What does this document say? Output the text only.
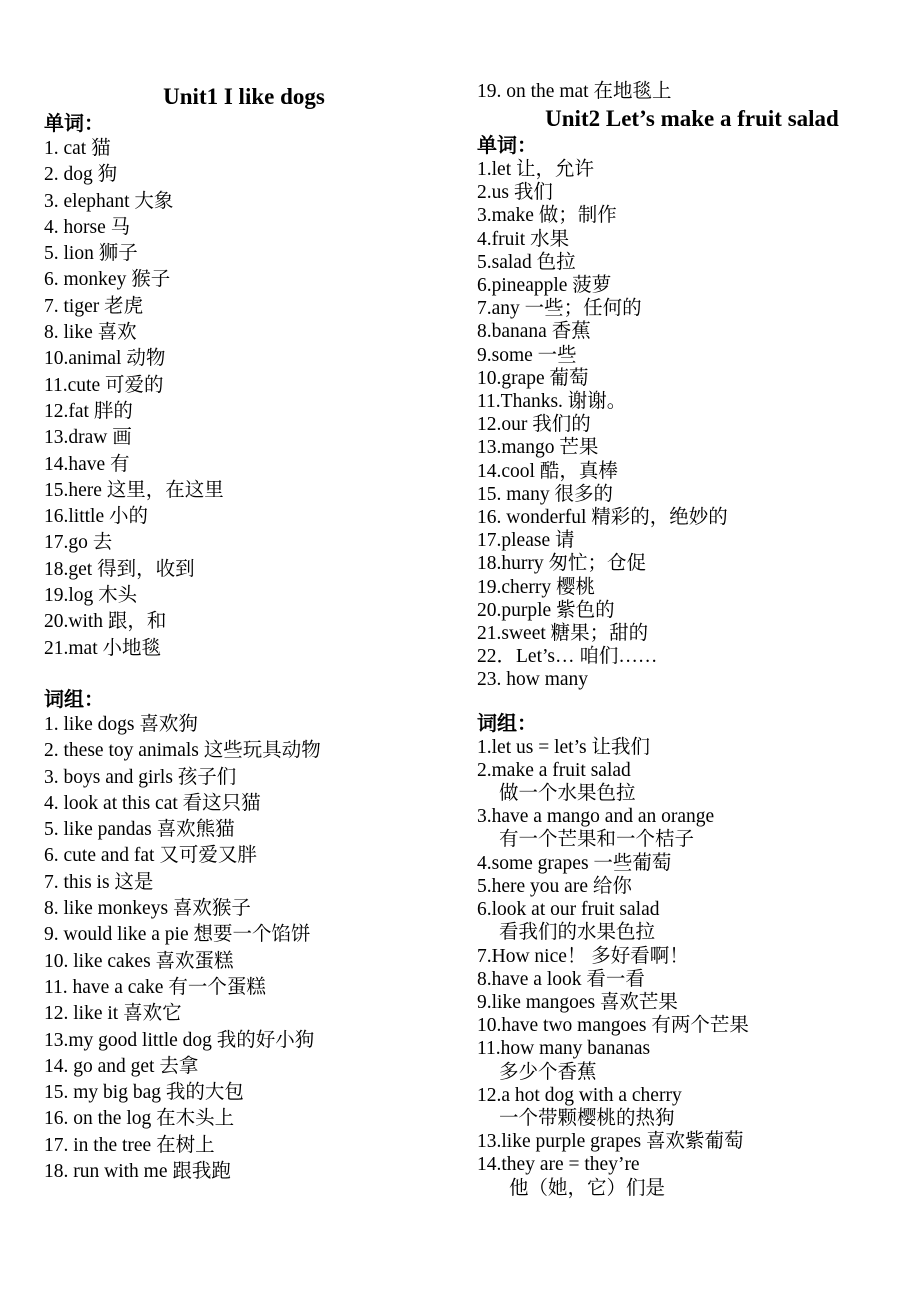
Unit1 I like dogs
单词：
1. cat 猫
2. dog 狗
3. elephant 大象
4. horse 马
5. lion 狮子
6. monkey 猴子
7. tiger 老虎
8. like 喜欢
10.animal 动物
11.cute 可爱的
12.fat 胖的
13.draw 画
14.have 有
15.here 这里，在这里
16.little 小的
17.go 去
18.get 得到，收到
19.log 木头
20.with 跟，和
21.mat 小地毯
词组：
1. like dogs 喜欢狗
2. these toy animals 这些玩具动物
3. boys and girls 孩子们
4. look at this cat 看这只猫
5. like pandas 喜欢熊猫
6. cute and fat 又可爱又胖
7. this is 这是
8. like monkeys 喜欢猴子
9. would like a pie 想要一个馅饼
10. like cakes 喜欢蛋糕
11. have a cake 有一个蛋糕
12. like it 喜欢它
13.my good little dog 我的好小狗
14. go and get 去拿
15. my big bag 我的大包
16. on the log 在木头上
17. in the tree 在树上
18. run with me 跟我跑
19. on the mat 在地毯上
Unit2 Let’s make a fruit salad
单词：
1.let 让，允许
2.us 我们
3.make 做；制作
4.fruit 水果
5.salad 色拉
6.pineapple 菠萝
7.any 一些；任何的
8.banana 香蕉
9.some 一些
10.grape 葡萄
11.Thanks. 谢谢。
12.our 我们的
13.mango 芒果
14.cool 酷，真棒
15. many 很多的
16. wonderful 精彩的，绝妙的
17.please 请
18.hurry 匆忙；仓促
19.cherry 樱桃
20.purple 紫色的
21.sweet 糖果；甜的
22．Let’s… 咱们……
23. how many
词组：
1.let us = let’s 让我们
2.make a fruit salad
做一个水果色拉
3.have a mango and an orange
有一个芒果和一个桔子
4.some grapes 一些葡萄
5.here you are 给你
6.look at our fruit salad
看我们的水果色拉
7.How nice！ 多好看啊！
8.have a look 看一看
9.like mangoes 喜欢芒果
10.have two mangoes 有两个芒果
11.how many bananas
多少个香蕉
12.a hot dog with a cherry
一个带颗樱桃的热狗
13.like purple grapes 喜欢紫葡萄
14.they are = they’re
他（她，它）们是
